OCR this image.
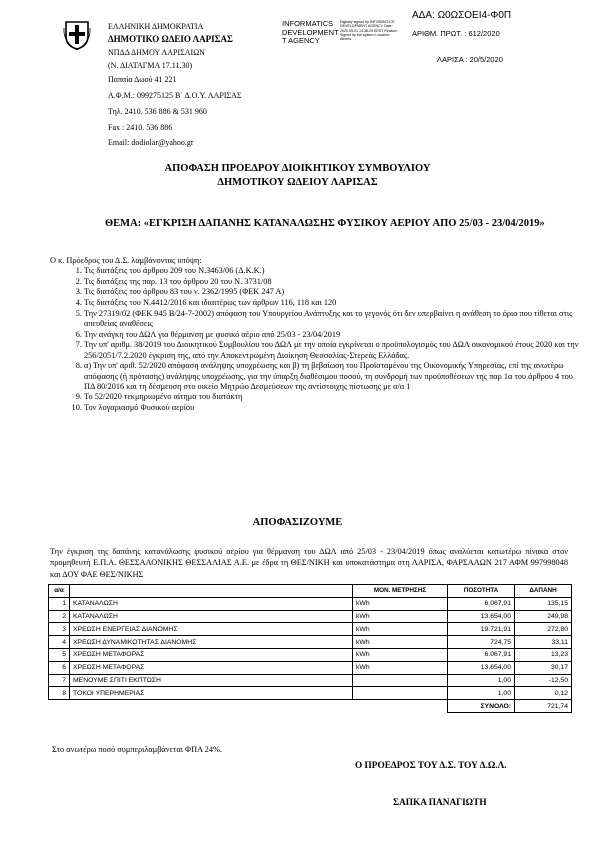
ΕΛΛΗΝΙΚΗ ΔΗΜΟΚΡΑΤΙΑ
ΔΗΜΟΤΙΚΟ ΩΔΕΙΟ ΛΑΡΙΣΑΣ
ΝΠΔΔ ΔΗΜΟΥ ΛΑΡΙΣΑΙΩΝ
(Ν. ΔΙΑΤΑΓΜΑ 17.11.30)
Παπαία Δωού 41 221
Α.Φ.Μ.: 099275125 Β΄ Δ.Ο.Υ. ΛΑΡΙΣΑΣ
Τηλ. 2410. 536 886 & 531 960
Fax : 2410. 536 886
Email: dodiolar@yahoo.gr
INFORMATICS
DEVELOPMENT
T AGENCY
Digitally signed by INFORMATICS DEVELOPMENT AGENCY Date: 2020.05.21 14:38:29 EEST Reason: Signed by the system Location: Athens
ΑΔΑ: Ω0ΩΣΟΕΙ4-Φ0Π
ΑΡΙΘΜ. ΠΡΩΤ. : 612/2020
ΛΑΡΙΣΑ : 20/5/2020
ΑΠΟΦΑΣΗ ΠΡΟΕΔΡΟΥ ΔΙΟΙΚΗΤΙΚΟΥ ΣΥΜΒΟΥΛΙΟΥ
ΔΗΜΟΤΙΚΟΥ ΩΔΕΙΟΥ ΛΑΡΙΣΑΣ
ΘΕΜΑ: «ΕΓΚΡΙΣΗ ΔΑΠΑΝΗΣ ΚΑΤΑΝΑΛΩΣΗΣ ΦΥΣΙΚΟΥ ΑΕΡΙΟΥ ΑΠΟ 25/03 - 23/04/2019»
Ο κ. Πρόεδρος του Δ.Σ. λαμβάνοντας υπόψη:
1. Τις διατάξεις του άρθρου 209 του Ν.3463/06 (Δ.Κ.Κ.)
2. Τις διατάξεις της παρ. 13 του άρθρου 20 του Ν. 3731/08
3. Τις διατάξεις του άρθρου 83 του ν. 2362/1995 (ΦΕΚ 247 Α)
4. Τις διατάξεις του Ν.4412/2016 και ιδιαιτέρως των άρθρων 116, 118 και 120
5. Την 27319/02 (ΦΕΚ 945 Β/24-7-2002) απόφαση του Υπουργείου Ανάπτυξης και το γεγονός ότι δεν υπερβαίνει η ανάθεση το όριο που τίθεται στις απευθείας αναθέσεις
6. Την ανάγκη του ΔΩΛ για θέρμανση με φυσικό αέριο από 25/03 - 23/04/2019
7. Την υπ' αριθμ. 38/2019 του Διοικητικού Συμβουλίου του ΔΩΛ με την οποία εγκρίνεται ο προϋπολογισμός του ΔΩΛ οικονομικού έτους 2020 και την 256/2051/7.2.2020 έγκριση της, από την Αποκεντρωμένη Διοίκηση Θεσσαλίας-Στερεάς Ελλάδας.
8. α) Την υπ' αριθ. 52/2020 απόφαση ανάληψης υποχρέωσης και β) τη βεβαίωση του Προϊσταμένου της Οικονομικής Υπηρεσίας, επί της ανωτέρω απόφασης (ή πρότασης) ανάληψης υποχρέωσης, για την ύπαρξη διαθέσιμου ποσού, τη συνδρομή των προϋποθέσεων της παρ 1α του άρθρου 4 του ΠΔ 80/2016 και τη δέσμευση στο οικείο Μητρώο Δεσμεύσεων της αντίστοιχης πίστωσης με α/α 1
9. Το 52/2020 τεκμηριωμένο αίτημα του διατάκτη
10. Τον λογαριασμό Φυσικού αερίου
ΑΠΟΦΑΣΙΖΟΥΜΕ
Την έγκριση της δαπάνης κατανάλωσης φυσικού αερίου για θέρμανση του ΔΩΛ από 25/03 - 23/04/2019 όπως αναλύεται κατωτέρω πίνακα στον προμηθευτή Ε.Π.Α. ΘΕΣΣΑΛΟΝΙΚΗΣ ΘΕΣΣΑΛΙΑΣ Α.Ε. με έδρα τη ΘΕΣ/ΝΙΚΗ και υποκατάστημα στη ΛΑΡΙΣΑ, ΦΑΡΣΑΛΩΝ 217 ΑΦΜ 997998048 και ΔΟΥ ΦΑΕ ΘΕΣ/ΝΙΚΗΣ
α/α		ΜΟΝ. ΜΕΤΡΗΣΗΣ	ΠΟΣΟΤΗΤΑ	ΔΑΠΑΝΗ
1	ΚΑΤΑΝΑΛΩΣΗ	kWh	6.067,91	135,15
2	ΚΑΤΑΝΑΛΩΣΗ	kWh	13.654,00	249,98
3	ΧΡΕΩΣΗ ΕΝΕΡΓΕΙΑΣ ΔΙΑΝΟΜΗΣ	kWh	19.721,91	272,80
4	ΧΡΕΩΣΗ ΔΥΝΑΜΙΚΟΤΗΤΑΣ ΔΙΑΝΟΜΗΣ	kWh	724,75	33,11
5	ΧΡΕΩΣΗ ΜΕΤΑΦΟΡΑΣ	kWh	6.067,91	13,23
6	ΧΡΕΩΣΗ ΜΕΤΑΦΟΡΑΣ	kWh	13.654,00	30,17
7	ΜΕΝΟΥΜΕ ΣΠΙΤΙ ΕΚΠΤΩΣΗ		1,00	-12,50
8	ΤΟΚΟΙ ΥΠΕΡΗΜΕΡΙΑΣ		1,00	0,12
			ΣΥΝΟΛΟ:	721,74
Στο ανωτέρω ποσό συμπεριλαμβάνεται ΦΠΑ 24%.
Ο ΠΡΟΕΔΡΟΣ ΤΟΥ Δ.Σ. ΤΟΥ Δ.Ω.Λ.
ΣΑΠΚΑ ΠΑΝΑΓΙΩΤΗ
